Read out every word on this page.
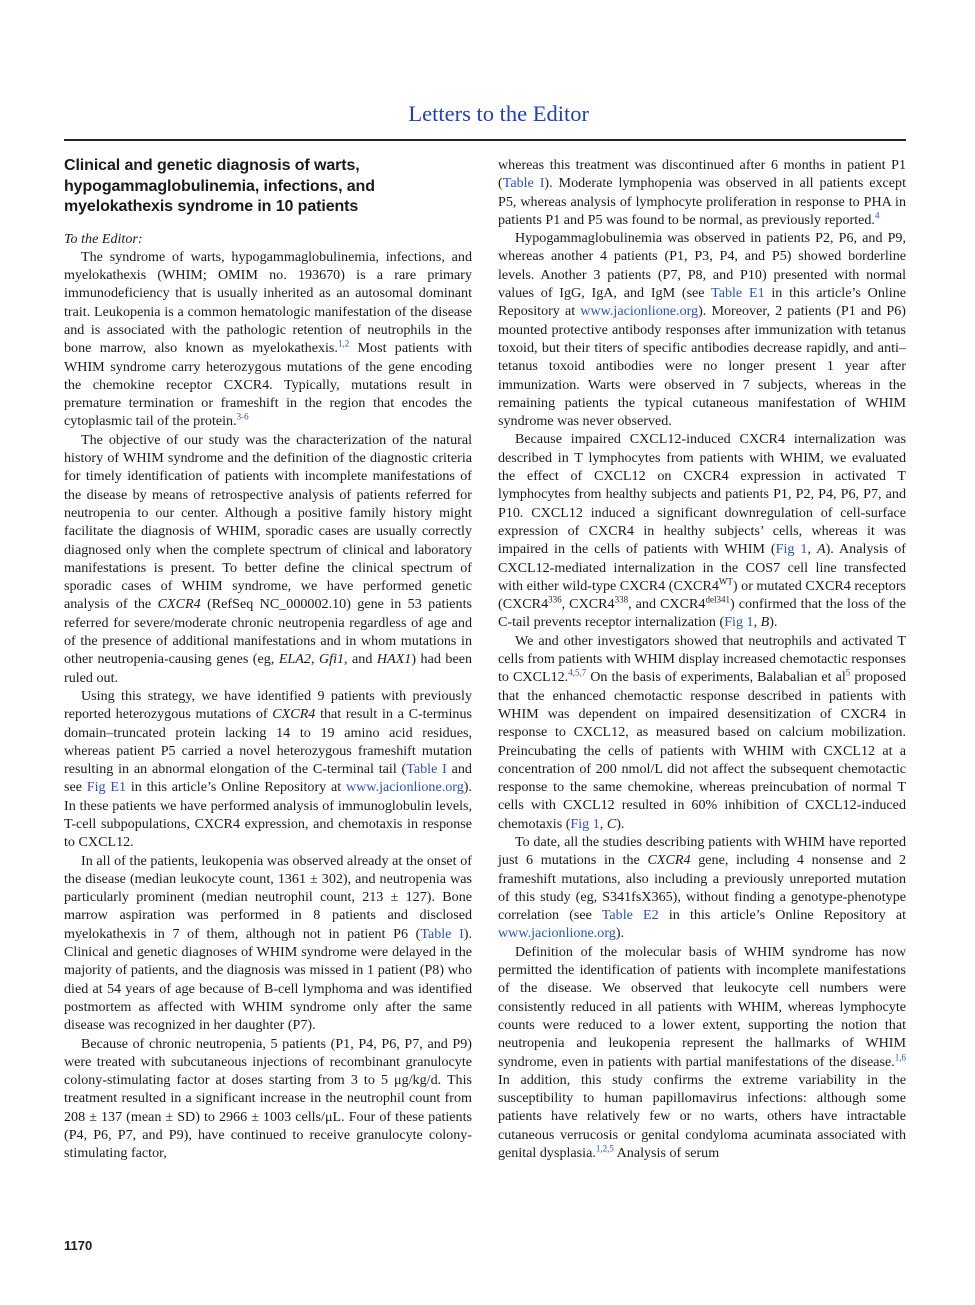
Letters to the Editor
Clinical and genetic diagnosis of warts, hypogammaglobulinemia, infections, and myelokathexis syndrome in 10 patients

To the Editor:

The syndrome of warts, hypogammaglobulinemia, infections, and myelokathexis (WHIM; OMIM no. 193670) is a rare primary immunodeficiency that is usually inherited as an autosomal dominant trait. Leukopenia is a common hematologic manifestation of the disease and is associated with the pathologic retention of neutrophils in the bone marrow, also known as myelokathexis.$^{1,2}$ Most patients with WHIM syndrome carry heterozygous mutations of the gene encoding the chemokine receptor CXCR4. Typically, mutations result in premature termination or frameshift in the region that encodes the cytoplasmic tail of the protein.$^{3-6}$

The objective of our study was the characterization of the natural history of WHIM syndrome and the definition of the diagnostic criteria for timely identification of patients with incomplete manifestations of the disease by means of retrospective analysis of patients referred for neutropenia to our center. Although a positive family history might facilitate the diagnosis of WHIM, sporadic cases are usually correctly diagnosed only when the complete spectrum of clinical and laboratory manifestations is present. To better define the clinical spectrum of sporadic cases of WHIM syndrome, we have performed genetic analysis of the CXCR4 (RefSeq NC_000002.10) gene in 53 patients referred for severe/moderate chronic neutropenia regardless of age and of the presence of additional manifestations and in whom mutations in other neutropenia-causing genes (eg, ELA2, Gfi1, and HAX1) had been ruled out.

Using this strategy, we have identified 9 patients with previously reported heterozygous mutations of CXCR4 that result in a C-terminus domain–truncated protein lacking 14 to 19 amino acid residues, whereas patient P5 carried a novel heterozygous frameshift mutation resulting in an abnormal elongation of the C-terminal tail (Table I and see Fig E1 in this article’s Online Repository at www.jacionlione.org). In these patients we have performed analysis of immunoglobulin levels, T-cell subpopulations, CXCR4 expression, and chemotaxis in response to CXCL12.

In all of the patients, leukopenia was observed already at the onset of the disease (median leukocyte count, 1361 ± 302), and neutropenia was particularly prominent (median neutrophil count, 213 ± 127). Bone marrow aspiration was performed in 8 patients and disclosed myelokathexis in 7 of them, although not in patient P6 (Table I). Clinical and genetic diagnoses of WHIM syndrome were delayed in the majority of patients, and the diagnosis was missed in 1 patient (P8) who died at 54 years of age because of B-cell lymphoma and was identified postmortem as affected with WHIM syndrome only after the same disease was recognized in her daughter (P7).

Because of chronic neutropenia, 5 patients (P1, P4, P6, P7, and P9) were treated with subcutaneous injections of recombinant granulocyte colony-stimulating factor at doses starting from 3 to 5 μg/kg/d. This treatment resulted in a significant increase in the neutrophil count from 208 ± 137 (mean ± SD) to 2966 ± 1003 cells/μL. Four of these patients (P4, P6, P7, and P9), have continued to receive granulocyte colony-stimulating factor,

whereas this treatment was discontinued after 6 months in patient P1 (Table I). Moderate lymphopenia was observed in all patients except P5, whereas analysis of lymphocyte proliferation in response to PHA in patients P1 and P5 was found to be normal, as previously reported.$^4$

Hypogammaglobulinemia was observed in patients P2, P6, and P9, whereas another 4 patients (P1, P3, P4, and P5) showed borderline levels. Another 3 patients (P7, P8, and P10) presented with normal values of IgG, IgA, and IgM (see Table E1 in this article’s Online Repository at www.jacionlione.org). Moreover, 2 patients (P1 and P6) mounted protective antibody responses after immunization with tetanus toxoid, but their titers of specific antibodies decrease rapidly, and anti–tetanus toxoid antibodies were no longer present 1 year after immunization. Warts were observed in 7 subjects, whereas in the remaining patients the typical cutaneous manifestation of WHIM syndrome was never observed.

Because impaired CXCL12-induced CXCR4 internalization was described in T lymphocytes from patients with WHIM, we evaluated the effect of CXCL12 on CXCR4 expression in activated T lymphocytes from healthy subjects and patients P1, P2, P4, P6, P7, and P10. CXCL12 induced a significant downregulation of cell-surface expression of CXCR4 in healthy subjects’ cells, whereas it was impaired in the cells of patients with WHIM (Fig 1, A). Analysis of CXCL12-mediated internalization in the COS7 cell line transfected with either wild-type CXCR4 $(CXCR4^{WT})$ or mutated CXCR4 receptors ($CXCR4^{336}$, $CXCR4^{338}$, and $CXCR4^{del341}$) confirmed that the loss of the C-tail prevents receptor internalization (Fig 1, B).

We and other investigators showed that neutrophils and activated T cells from patients with WHIM display increased chemotactic responses to CXCL12.$^{4,5,7}$ On the basis of experiments, Balabalian et al$^5$ proposed that the enhanced chemotactic response described in patients with WHIM was dependent on impaired desensitization of CXCR4 in response to CXCL12, as measured based on calcium mobilization. Preincubating the cells of patients with WHIM with CXCL12 at a concentration of 200 nmol/L did not affect the subsequent chemotactic response to the same chemokine, whereas preincubation of normal T cells with CXCL12 resulted in 60% inhibition of CXCL12-induced chemotaxis (Fig 1, C).

To date, all the studies describing patients with WHIM have reported just 6 mutations in the CXCR4 gene, including 4 nonsense and 2 frameshift mutations, also including a previously unreported mutation of this study (eg, S341fsX365), without finding a genotype-phenotype correlation (see Table E2 in this article’s Online Repository at www.jacionlione.org).

Definition of the molecular basis of WHIM syndrome has now permitted the identification of patients with incomplete manifestations of the disease. We observed that leukocyte cell numbers were consistently reduced in all patients with WHIM, whereas lymphocyte counts were reduced to a lower extent, supporting the notion that neutropenia and leukopenia represent the hallmarks of WHIM syndrome, even in patients with partial manifestations of the disease.$^{1,6}$ In addition, this study confirms the extreme variability in the susceptibility to human papillomavirus infections: although some patients have relatively few or no warts, others have intractable cutaneous verrucosis or genital condyloma acuminata associated with genital dysplasia.$^{1,2,5}$ Analysis of serum

1170
